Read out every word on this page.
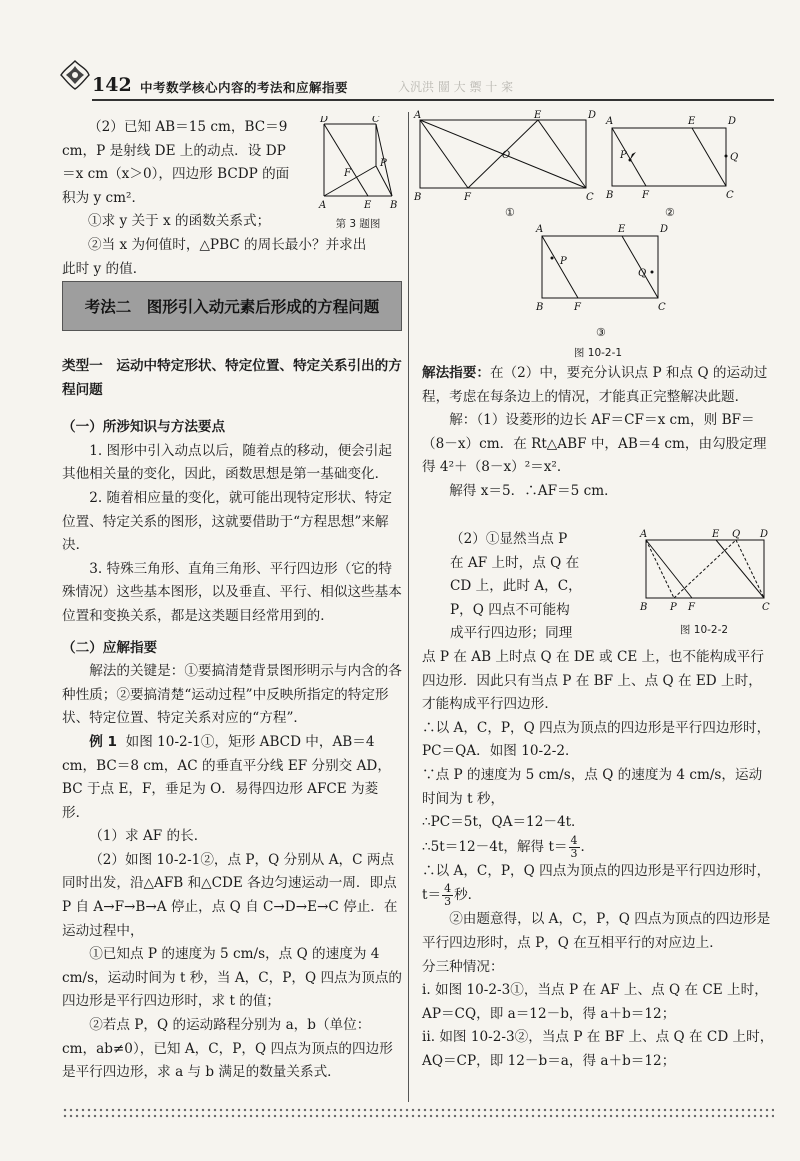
142 中考数学核心内容的考法和应解指要	入汎洪 闓 大 禦 十 宷

（2）已知 AB＝15 cm，BC＝9

cm，P 是射线 DE 上的动点．设 DP

＝x cm（x＞0），四边形 BCDP 的面

积为 y cm²．

①求 y 关于 x 的函数关系式；

②当 x 为何值时，△PBC 的周长最小？并求出

此时 y 的值．

D	C
P
F
A	E B
第 3 题图
考法二　图形引入动元素后形成的方程问题

类型一　运动中特定形状、特定位置、特定关系引出的方程问题

（一）所涉知识与方法要点

1. 图形中引入动点以后，随着点的移动，便会引起其他相关量的变化，因此，函数思想是第一基础变化．

2. 随着相应量的变化，就可能出现特定形状、特定位置、特定关系的图形，这就要借助于“方程思想”来解决．

3. 特殊三角形、直角三角形、平行四边形（它的特殊情况）这些基本图形，以及垂直、平行、相似这些基本位置和变换关系，都是这类题目经常用到的．

（二）应解指要

解法的关键是：①要搞清楚背景图形明示与内含的各种性质；②要搞清楚“运动过程”中反映所指定的特定形状、特定位置、特定关系对应的“方程”．

例 1 如图 10-2-1①，矩形 ABCD 中，AB＝4 cm，BC＝8 cm，AC 的垂直平分线 EF 分别交 AD，BC 于点 E，F，垂足为 O．易得四边形 AFCE 为菱形．

（1）求 AF 的长．

（2）如图 10-2-1②，点 P，Q 分别从 A，C 两点同时出发，沿△AFB 和△CDE 各边匀速运动一周．即点 P 自 A→F→B→A 停止，点 Q 自 C→D→E→C 停止．在运动过程中，

①已知点 P 的速度为 5 cm/s，点 Q 的速度为 4 cm/s，运动时间为 t 秒，当 A，C，P，Q 四点为顶点的四边形是平行四边形时，求 t 的值；

②若点 P，Q 的运动路程分别为 a，b（单位：cm，ab≠0），已知 A，C，P，Q 四点为顶点的四边形是平行四边形，求 a 与 b 满足的数量关系式．

A	E	D
O
B	F	C
A	E	D
P	Q
B	F	C
②
①
A	E	D
P
Q
B	F	C
③
图 10-2-1

解法指要：在（2）中，要充分认识点 P 和点 Q 的运动过程，考虑在每条边上的情况，才能真正完整解决此题．

解：（1）设菱形的边长 AF＝CF＝x cm，则 BF＝（8－x）cm．在 Rt△ABF 中，AB＝4 cm，由勾股定理得 4²＋（8－x）²＝x²．

解得 x＝5．∴AF＝5 cm．

（2）①显然当点 P

在 AF 上时，点 Q 在

CD 上，此时 A，C，

P，Q 四点不可能构

成平行四边形；同理

A	E Q D
B P F	C
图 10-2-2

点 P 在 AB 上时点 Q 在 DE 或 CE 上，也不能构成平行四边形．因此只有当点 P 在 BF 上、点 Q 在 ED 上时，才能构成平行四边形．

∴以 A，C，P，Q 四点为顶点的四边形是平行四边形时，PC＝QA．如图 10-2-2．

∵点 P 的速度为 5 cm/s，点 Q 的速度为 4 cm/s，运动时间为 t 秒，

∴PC＝5t，QA＝12－4t．

∴5t＝12－4t，解得 $t= \frac{4}{3}$ ．

∴以 A，C，P，Q 四点为顶点的四边形是平行四边形时，$t= \frac{4}{3}$ 秒．

②由题意得，以 A，C，P，Q 四点为顶点的四边形是平行四边形时，点 P，Q 在互相平行的对应边上．

分三种情况：

i. 如图 10-2-3①，当点 P 在 AF 上、点 Q 在 CE 上时，AP＝CQ，即 a＝12－b，得 a＋b＝12；

ii. 如图 10-2-3②，当点 P 在 BF 上、点 Q 在 CD 上时，AQ＝CP，即 12－b＝a，得 a＋b＝12；
